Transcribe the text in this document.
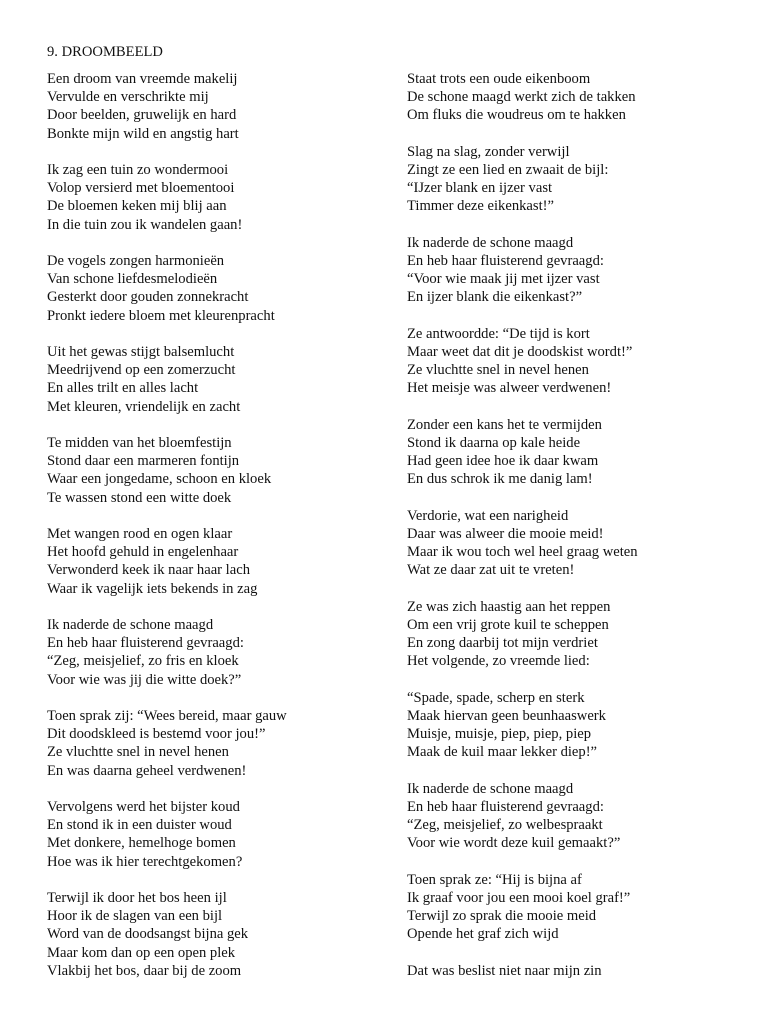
9. DROOMBEELD
Een droom van vreemde makelij
Vervulde en verschrikte mij
Door beelden, gruwelijk en hard
Bonkte mijn wild en angstig hart
Ik zag een tuin zo wondermooi
Volop versierd met bloementooi
De bloemen keken mij blij aan
In die tuin zou ik wandelen gaan!
De vogels zongen harmonieën
Van schone liefdesmelodieën
Gesterkt door gouden zonnekracht
Pronkt iedere bloem met kleurenpracht
Uit het gewas stijgt balsemlucht
Meedrijvend op een zomerzucht
En alles trilt en alles lacht
Met kleuren, vriendelijk en zacht
Te midden van het bloemfestijn
Stond daar een marmeren fontijn
Waar een jongedame, schoon en kloek
Te wassen stond een witte doek
Met wangen rood en ogen klaar
Het hoofd gehuld in engelenhaar
Verwonderd keek ik naar haar lach
Waar ik vagelijk iets bekends in zag
Ik naderde de schone maagd
En heb haar fluisterend gevraagd:
“Zeg, meisjelief, zo fris en kloek
Voor wie was jij die witte doek?”
Toen sprak zij: “Wees bereid, maar gauw
Dit doodskleed is bestemd voor jou!”
Ze vluchtte snel in nevel henen
En was daarna geheel verdwenen!
Vervolgens werd het bijster koud
En stond ik in een duister woud
Met donkere, hemelhoge bomen
Hoe was ik hier terechtgekomen?
Terwijl ik door het bos heen ijl
Hoor ik de slagen van een bijl
Word van de doodsangst bijna gek
Maar kom dan op een open plek
Vlakbij het bos, daar bij de zoom
Staat trots een oude eikenboom
De schone maagd werkt zich de takken
Om fluks die woudreus om te hakken
Slag na slag, zonder verwijl
Zingt ze een lied en zwaait de bijl:
“IJzer blank en ijzer vast
Timmer deze eikenkast!”
Ik naderde de schone maagd
En heb haar fluisterend gevraagd:
“Voor wie maak jij met ijzer vast
En ijzer blank die eikenkast?”
Ze antwoordde: “De tijd is kort
Maar weet dat dit je doodskist wordt!”
Ze vluchtte snel in nevel henen
Het meisje was alweer verdwenen!
Zonder een kans het te vermijden
Stond ik daarna op kale heide
Had geen idee hoe ik daar kwam
En dus schrok ik me danig lam!
Verdorie, wat een narigheid
Daar was alweer die mooie meid!
Maar ik wou toch wel heel graag weten
Wat ze daar zat uit te vreten!
Ze was zich haastig aan het reppen
Om een vrij grote kuil te scheppen
En zong daarbij tot mijn verdriet
Het volgende, zo vreemde lied:
“Spade, spade, scherp en sterk
Maak hiervan geen beunhaaswerk
Muisje, muisje, piep, piep, piep
Maak de kuil maar lekker diep!”
Ik naderde de schone maagd
En heb haar fluisterend gevraagd:
“Zeg, meisjelief, zo welbespraakt
Voor wie wordt deze kuil gemaakt?”
Toen sprak ze: “Hij is bijna af
Ik graaf voor jou een mooi koel graf!”
Terwijl zo sprak die mooie meid
Opende het graf zich wijd
Dat was beslist niet naar mijn zin
